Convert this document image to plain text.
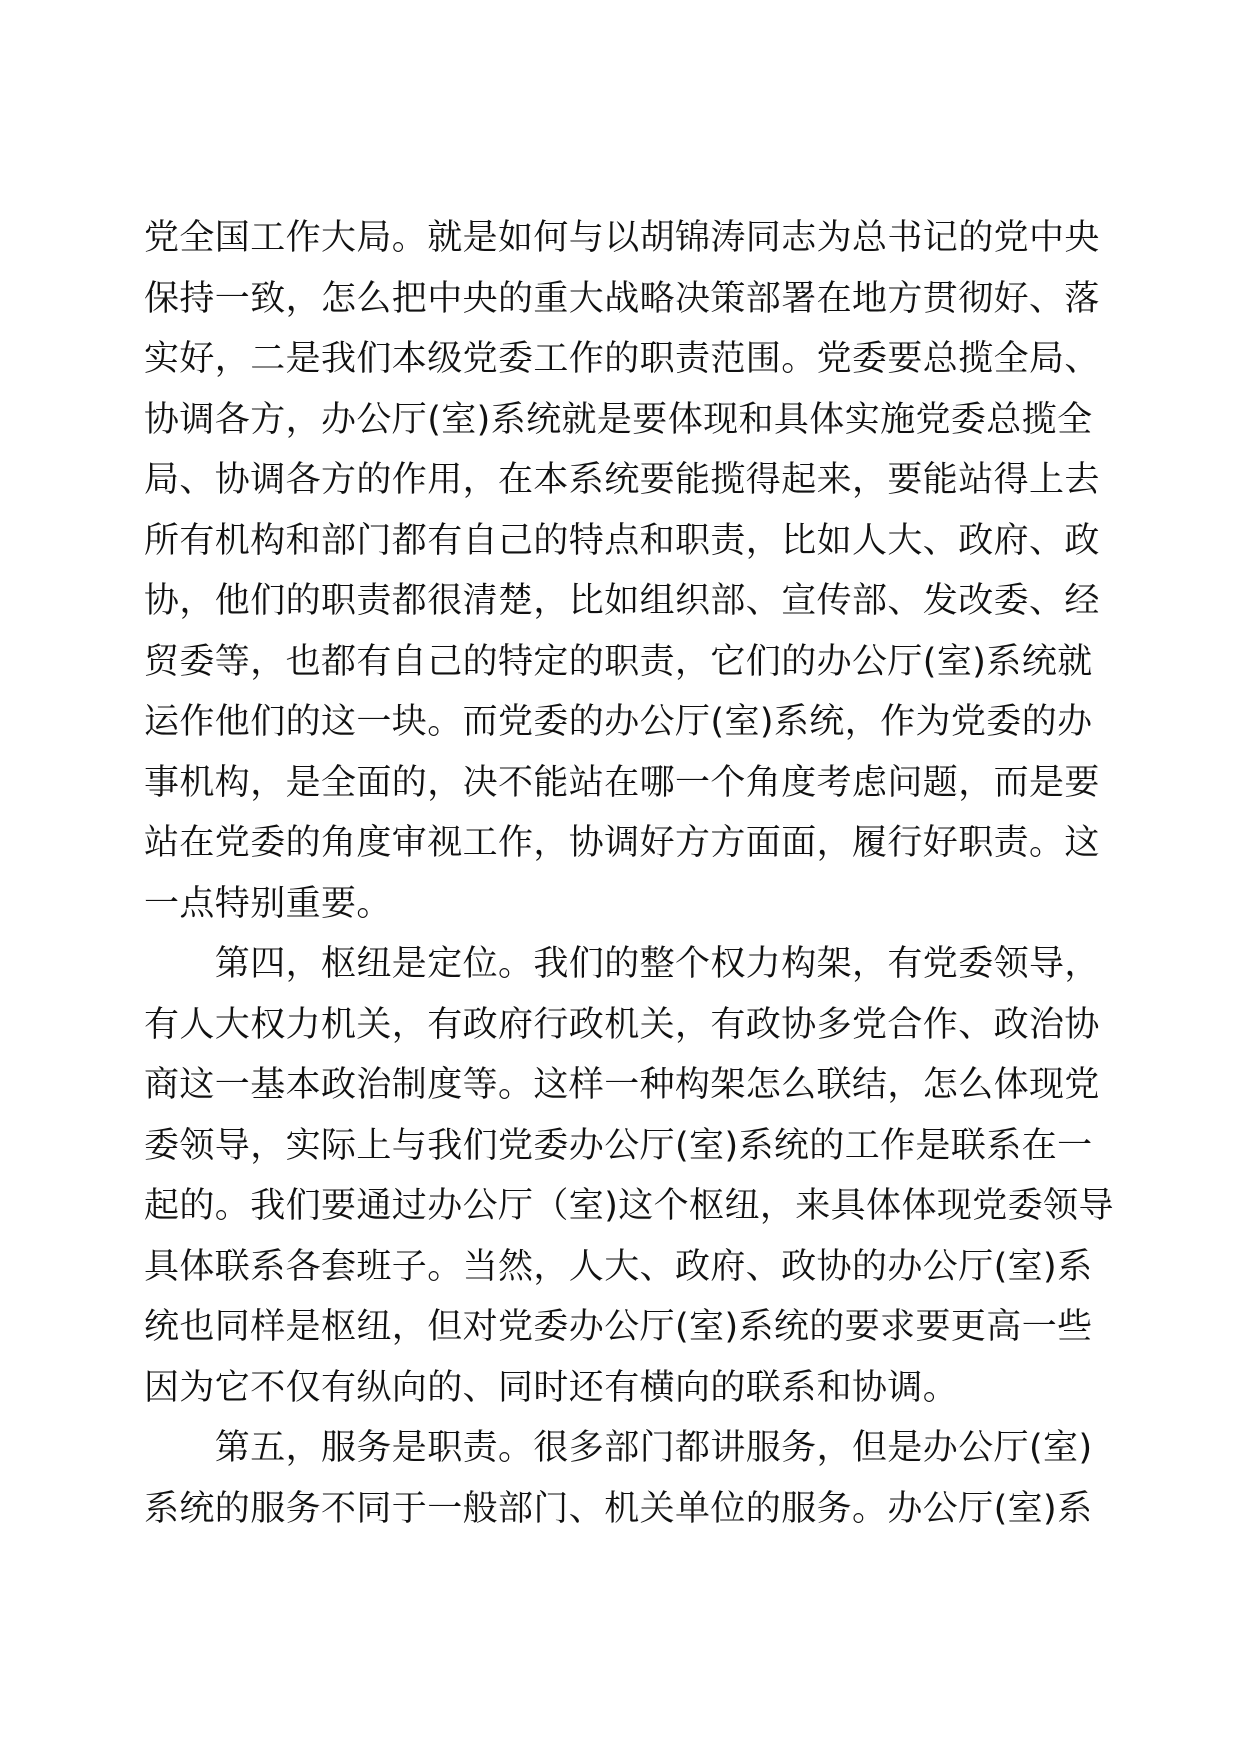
党全国工作大局。就是如何与以胡锦涛同志为总书记的党中央
保持一致，怎么把中央的重大战略决策部署在地方贯彻好、落
实好，二是我们本级党委工作的职责范围。党委要总揽全局、
协调各方，办公厅(室)系统就是要体现和具体实施党委总揽全
局、协调各方的作用，在本系统要能揽得起来，要能站得上去
所有机构和部门都有自己的特点和职责，比如人大、政府、政
协，他们的职责都很清楚，比如组织部、宣传部、发改委、经
贸委等，也都有自己的特定的职责，它们的办公厅(室)系统就
运作他们的这一块。而党委的办公厅(室)系统，作为党委的办
事机构，是全面的，决不能站在哪一个角度考虑问题，而是要
站在党委的角度审视工作，协调好方方面面，履行好职责。这
一点特别重要。
　　第四，枢纽是定位。我们的整个权力构架，有党委领导，
有人大权力机关，有政府行政机关，有政协多党合作、政治协
商这一基本政治制度等。这样一种构架怎么联结，怎么体现党
委领导，实际上与我们党委办公厅(室)系统的工作是联系在一
起的。我们要通过办公厅（室)这个枢纽，来具体体现党委领导
具体联系各套班子。当然，人大、政府、政协的办公厅(室)系
统也同样是枢纽，但对党委办公厅(室)系统的要求要更高一些
因为它不仅有纵向的、同时还有横向的联系和协调。
　　第五，服务是职责。很多部门都讲服务，但是办公厅(室)
系统的服务不同于一般部门、机关单位的服务。办公厅(室)系
